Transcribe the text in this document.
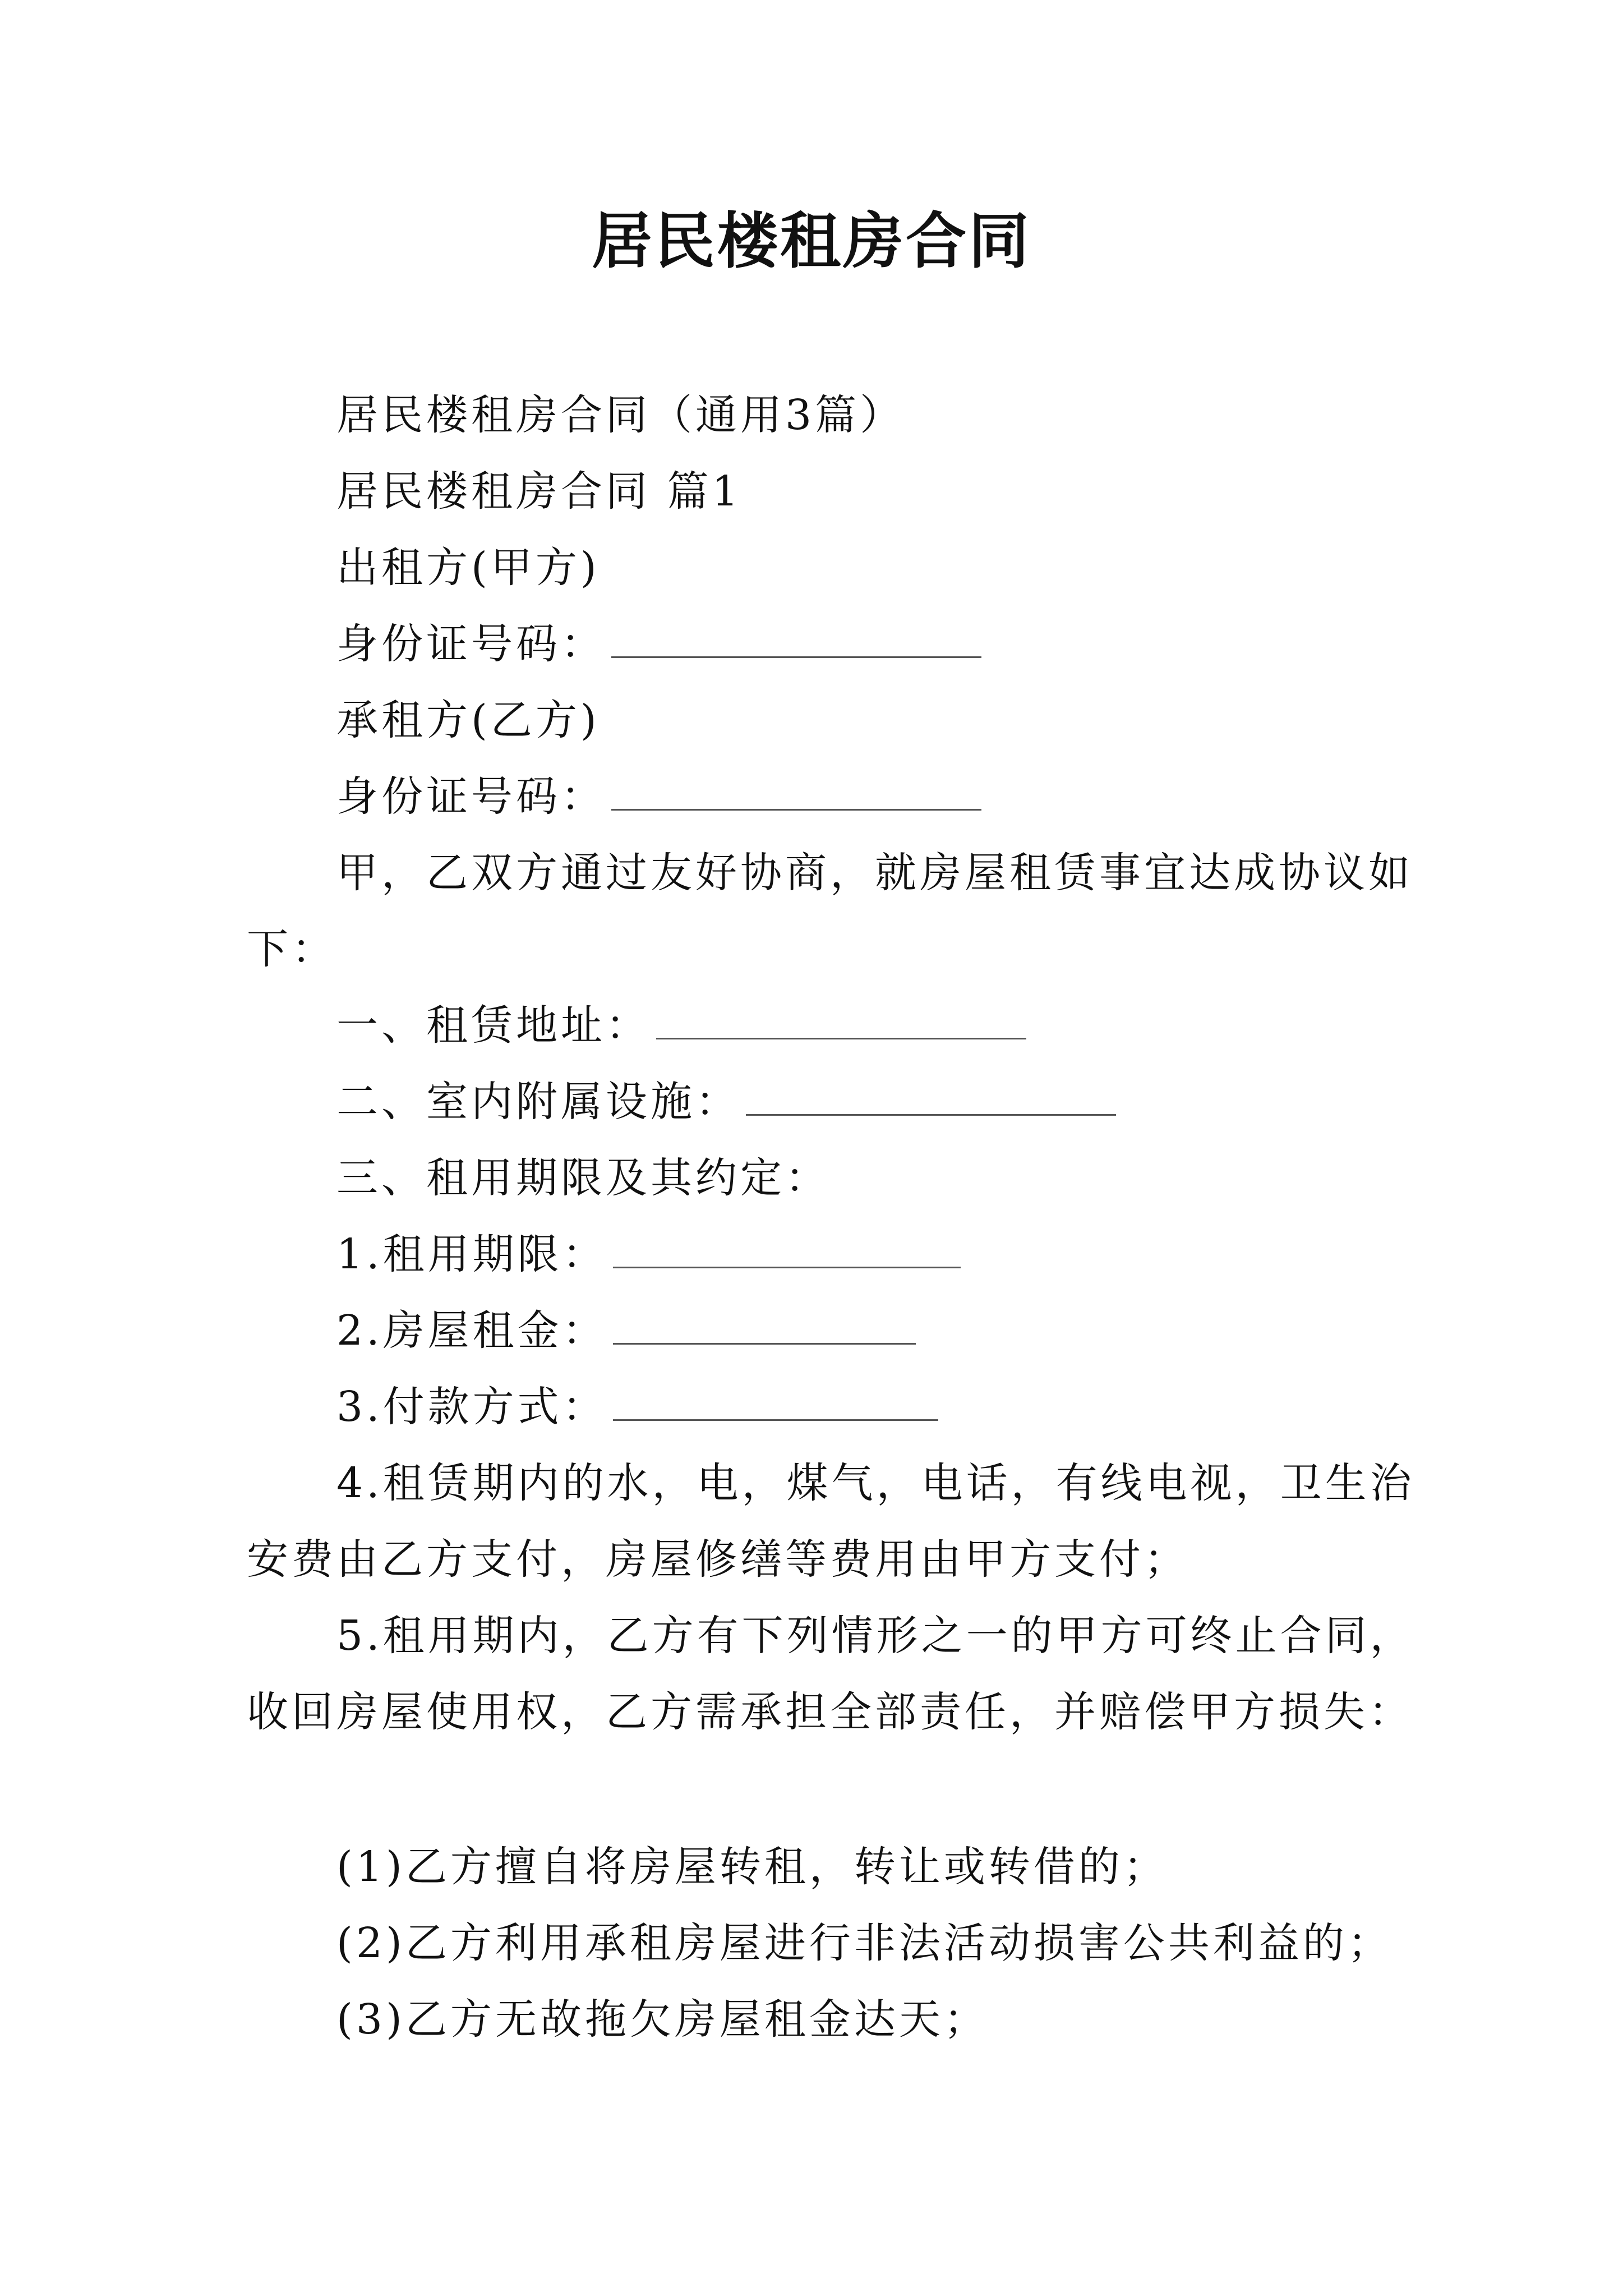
居民楼租房合同
居民楼租房合同（通用3篇）
居民楼租房合同 篇1
出租方(甲方)
身份证号码：
承租方(乙方)
身份证号码：
甲，乙双方通过友好协商，就房屋租赁事宜达成协议如
下：
一、租赁地址：
二、室内附属设施：
三、租用期限及其约定：
1.租用期限：
2.房屋租金：
3.付款方式：
4.租赁期内的水，电，煤气，电话，有线电视，卫生治
安费由乙方支付，房屋修缮等费用由甲方支付；
5.租用期内，乙方有下列情形之一的甲方可终止合同，
收回房屋使用权，乙方需承担全部责任，并赔偿甲方损失：
(1)乙方擅自将房屋转租，转让或转借的；
(2)乙方利用承租房屋进行非法活动损害公共利益的；
(3)乙方无故拖欠房屋租金达天；
